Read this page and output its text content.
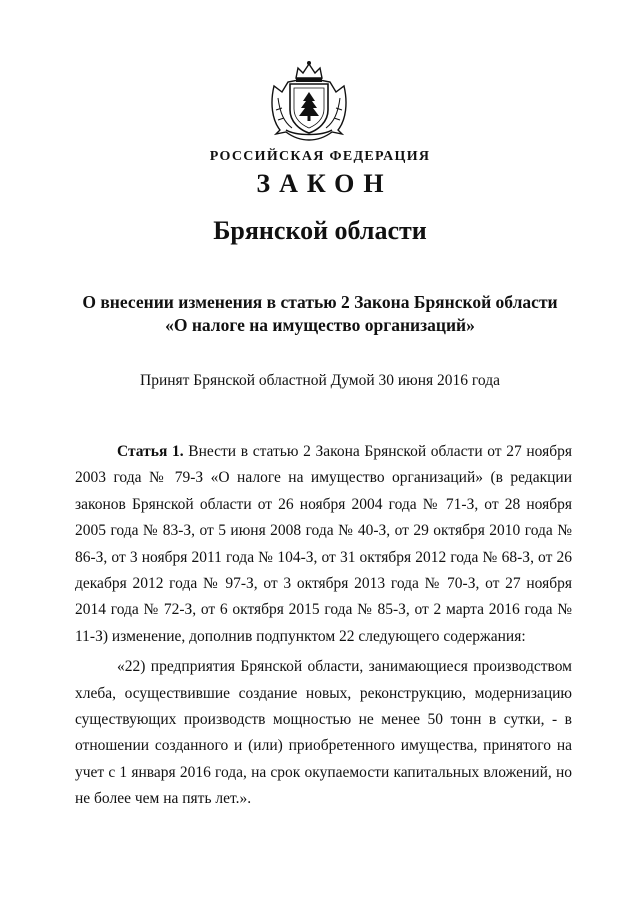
РОССИЙСКАЯ ФЕДЕРАЦИЯ
ЗАКОН
Брянской области
О внесении изменения в статью 2 Закона Брянской области
«О налоге на имущество организаций»
Принят Брянской областной Думой 30 июня 2016 года

Статья 1. Внести в статью 2 Закона Брянской области от 27 ноября 2003 года № 79-З «О налоге на имущество организаций» (в редакции законов Брянской области от 26 ноября 2004 года № 71-З, от 28 ноября 2005 года № 83-З, от 5 июня 2008 года № 40-З, от 29 октября 2010 года № 86-З, от 3 ноября 2011 года № 104-З, от 31 октября 2012 года № 68-З, от 26 декабря 2012 года № 97-З, от 3 октября 2013 года № 70-З, от 27 ноября 2014 года № 72-З, от 6 октября 2015 года № 85-З, от 2 марта 2016 года № 11-З) изменение, дополнив подпунктом 22 следующего содержания:

«22) предприятия Брянской области, занимающиеся производством хлеба, осуществившие создание новых, реконструкцию, модернизацию существующих производств мощностью не менее 50 тонн в сутки, - в отношении созданного и (или) приобретенного имущества, принятого на учет с 1 января 2016 года, на срок окупаемости капитальных вложений, но не более чем на пять лет.».
